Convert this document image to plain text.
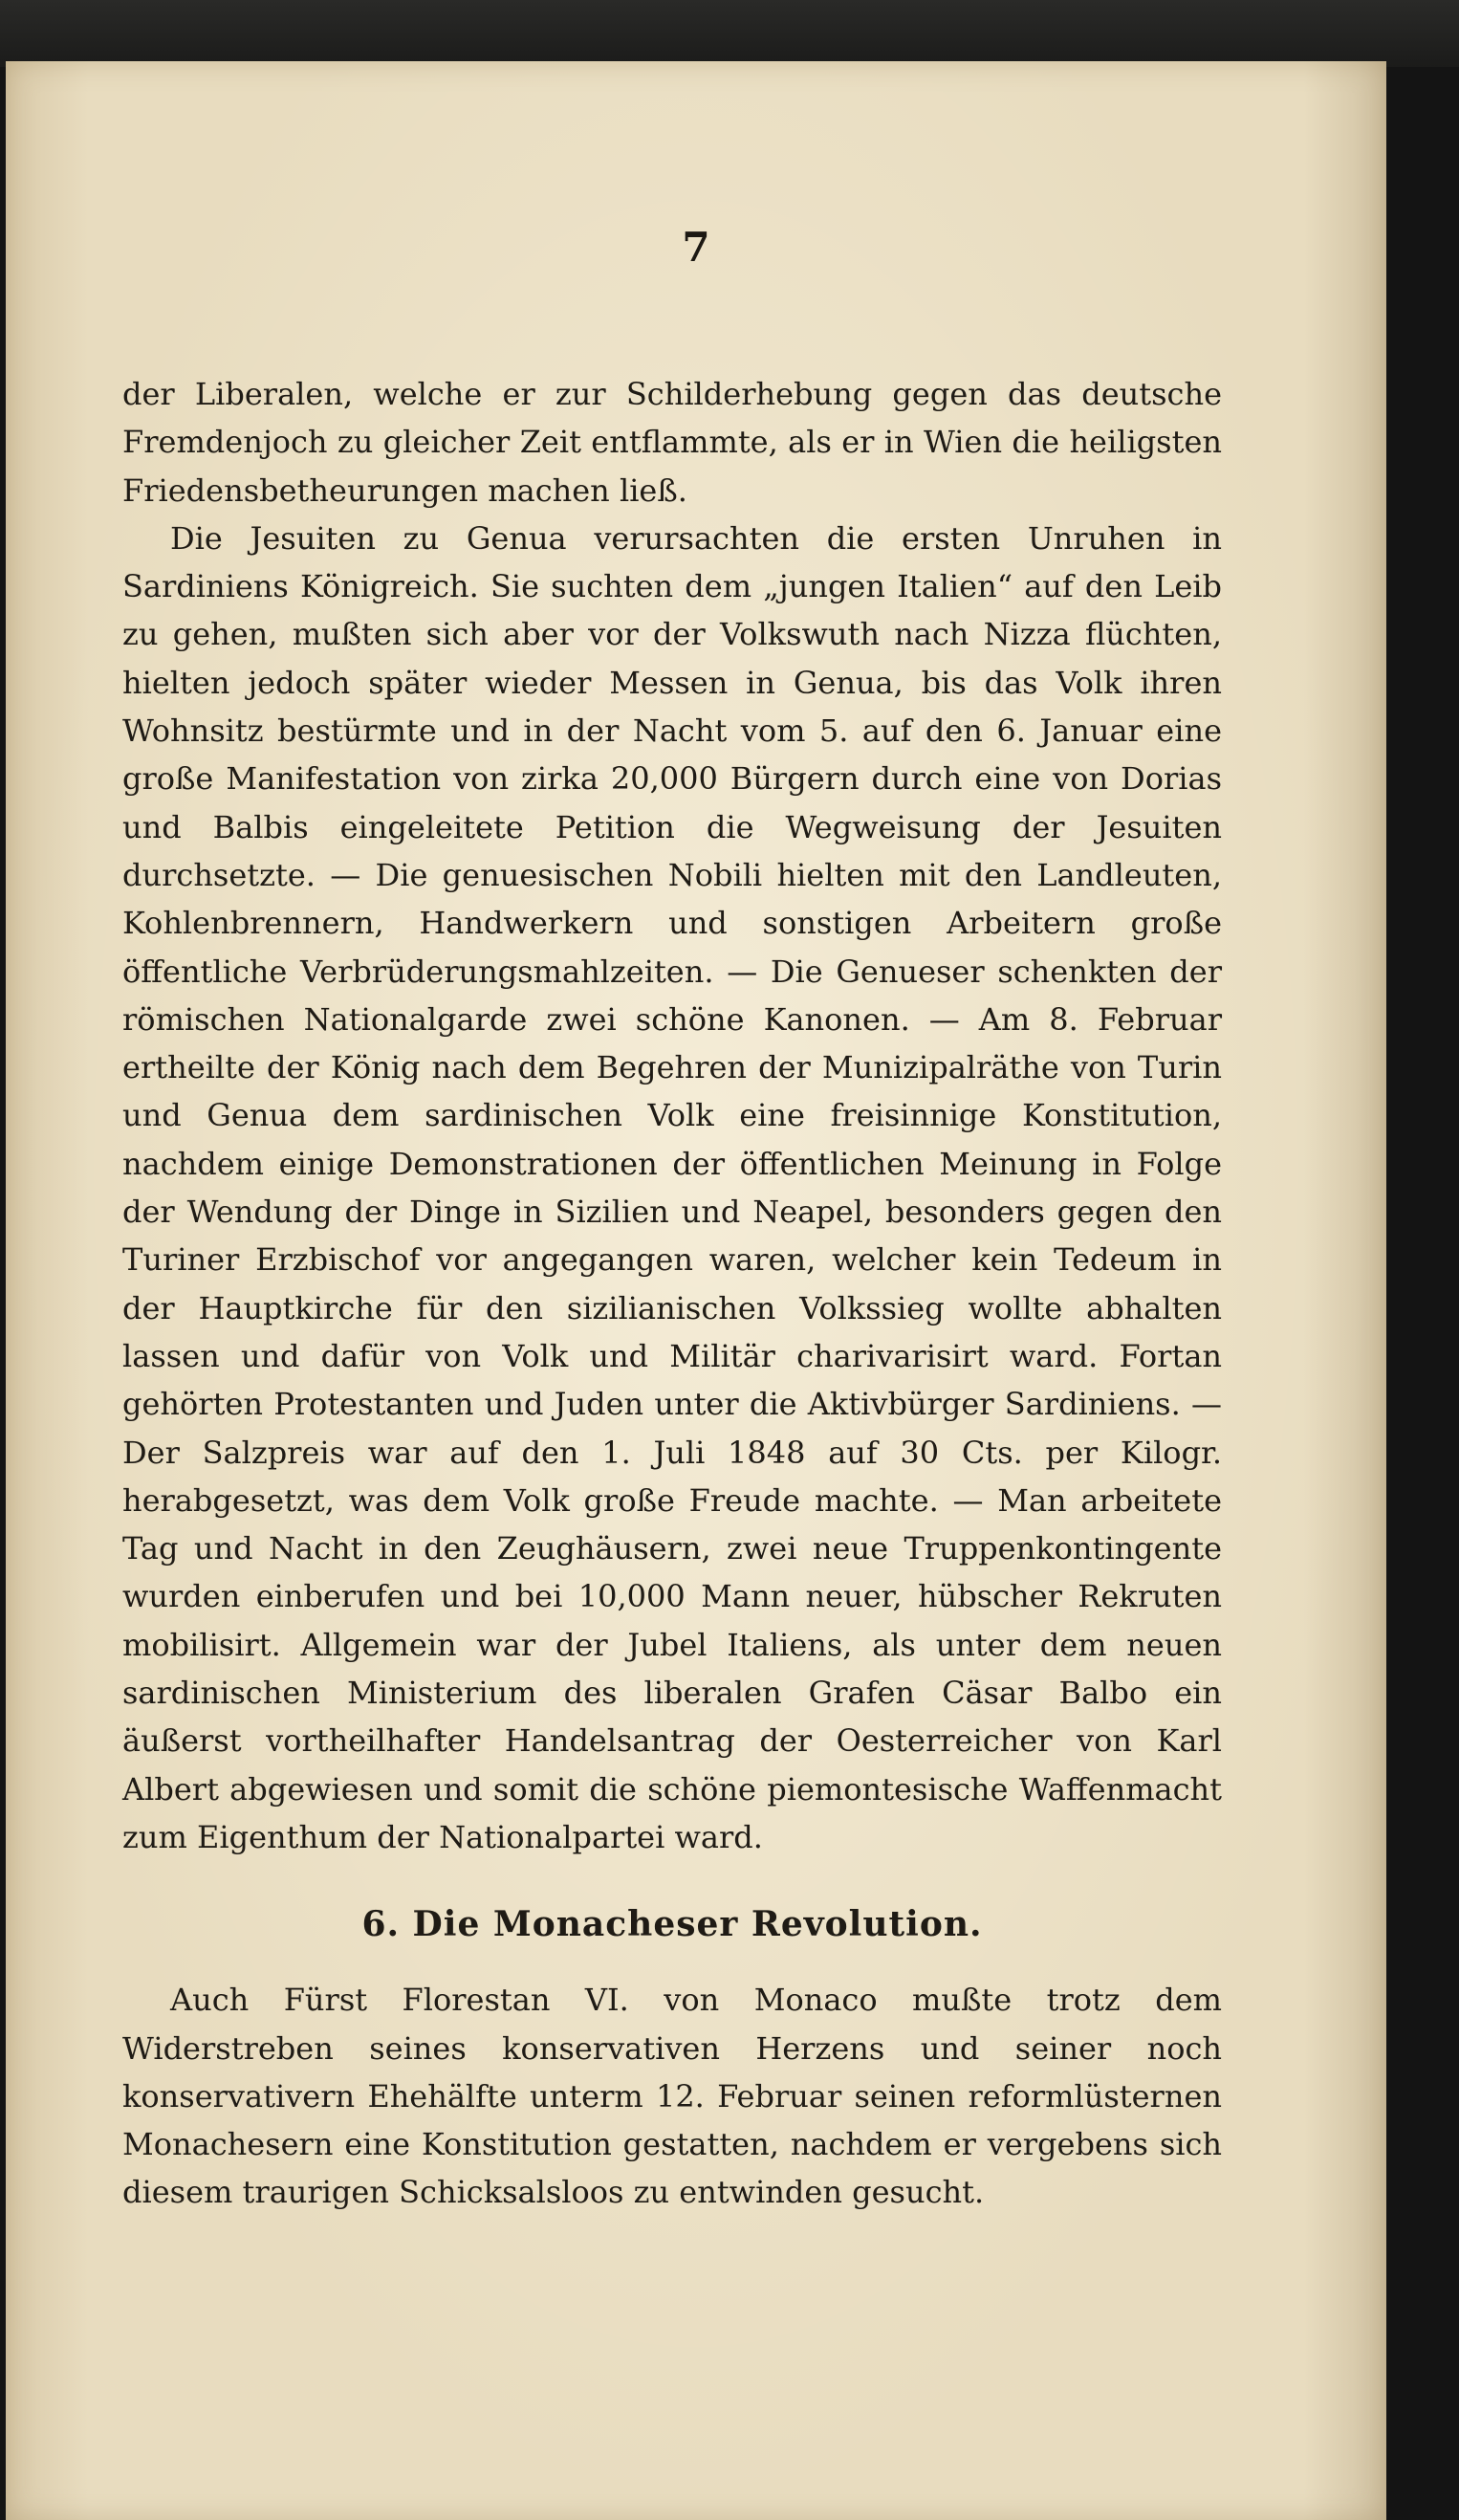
7

der Liberalen, welche er zur Schilderhebung gegen das deutsche Fremdenjoch zu gleicher Zeit entflammte, als er in Wien die heiligsten Friedensbetheurungen machen ließ.

Die Jesuiten zu Genua verursachten die ersten Unruhen in Sardiniens Königreich. Sie suchten dem „jungen Italien“ auf den Leib zu gehen, mußten sich aber vor der Volkswuth nach Nizza flüchten, hielten jedoch später wieder Messen in Genua, bis das Volk ihren Wohnsitz bestürmte und in der Nacht vom 5. auf den 6. Januar eine große Manifestation von zirka 20,000 Bürgern durch eine von Dorias und Balbis eingeleitete Petition die Wegweisung der Jesuiten durchsetzte. — Die genuesischen Nobili hielten mit den Landleuten, Kohlenbrennern, Handwerkern und sonstigen Arbeitern große öffentliche Verbrüderungsmahlzeiten. — Die Genueser schenkten der römischen Nationalgarde zwei schöne Kanonen. — Am 8. Februar ertheilte der König nach dem Begehren der Munizipalräthe von Turin und Genua dem sardinischen Volk eine freisinnige Konstitution, nachdem einige Demonstrationen der öffentlichen Meinung in Folge der Wendung der Dinge in Sizilien und Neapel, besonders gegen den Turiner Erzbischof vor angegangen waren, welcher kein Tedeum in der Hauptkirche für den sizilianischen Volkssieg wollte abhalten lassen und dafür von Volk und Militär charivarisirt ward. Fortan gehörten Protestanten und Juden unter die Aktivbürger Sardiniens. — Der Salzpreis war auf den 1. Juli 1848 auf 30 Cts. per Kilogr. herabgesetzt, was dem Volk große Freude machte. — Man arbeitete Tag und Nacht in den Zeughäusern, zwei neue Truppenkontingente wurden einberufen und bei 10,000 Mann neuer, hübscher Rekruten mobilisirt. Allgemein war der Jubel Italiens, als unter dem neuen sardinischen Ministerium des liberalen Grafen Cäsar Balbo ein äußerst vortheilhafter Handelsantrag der Oesterreicher von Karl Albert abgewiesen und somit die schöne piemontesische Waffenmacht zum Eigenthum der Nationalpartei ward.

6. Die Monacheser Revolution.

Auch Fürst Florestan VI. von Monaco mußte trotz dem Widerstreben seines konservativen Herzens und seiner noch konservativern Ehehälfte unterm 12. Februar seinen reformlüsternen Monachesern eine Konstitution gestatten, nachdem er vergebens sich diesem traurigen Schicksalsloos zu entwinden gesucht.
